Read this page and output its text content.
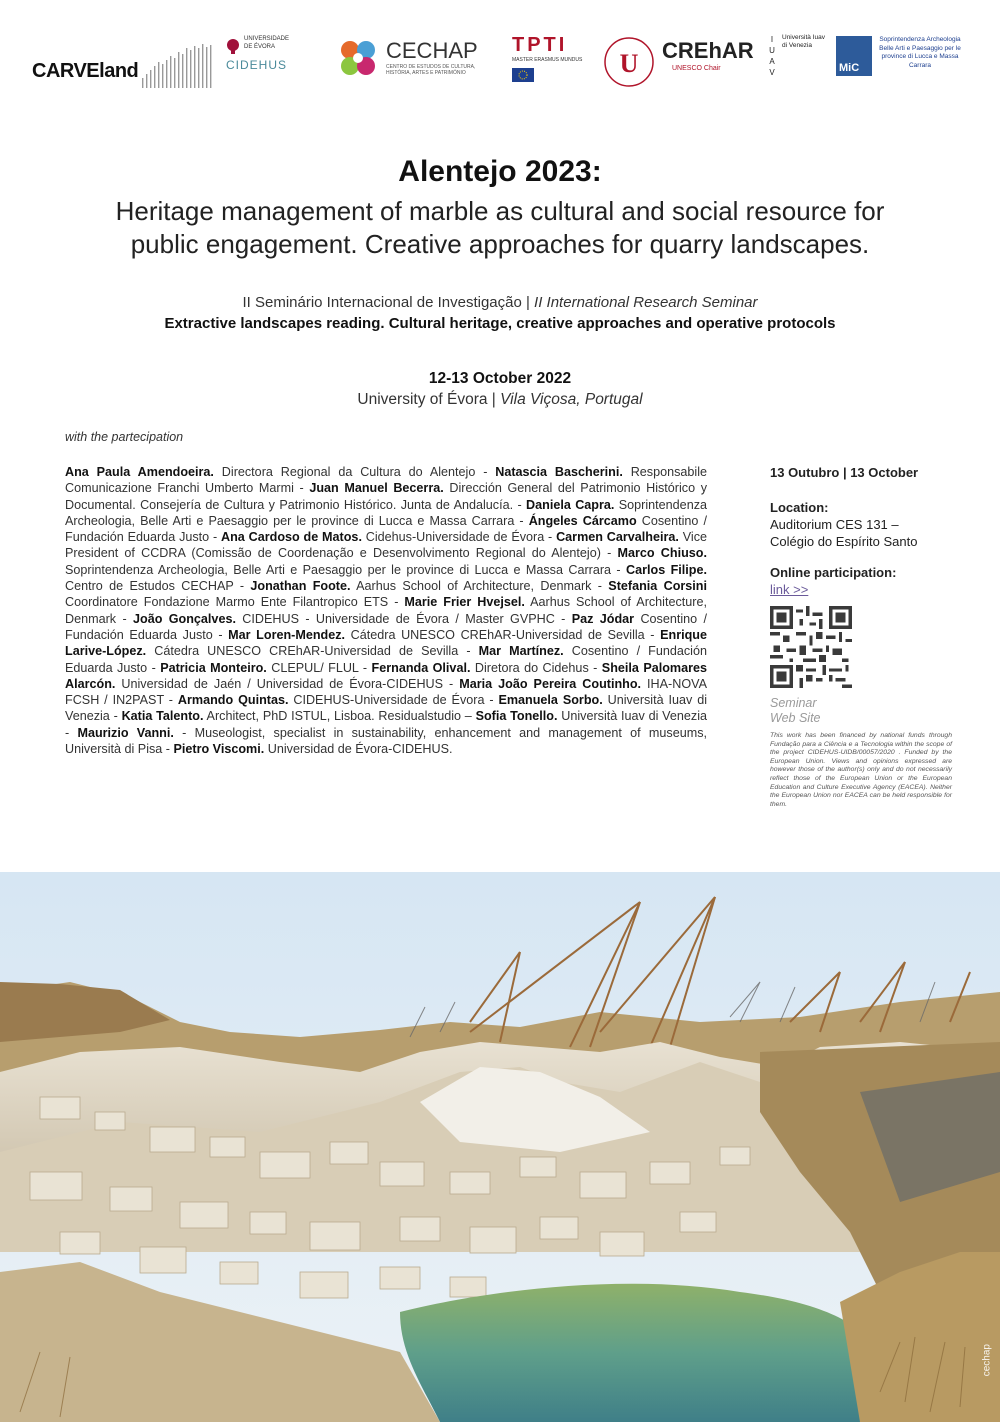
CARVEland
UNIVERSIDADE
DE ÉVORA
CIDEHUS
CECHAP
CENTRO DE ESTUDOS DE CULTURA, HISTÓRIA, ARTES E PATRIMÓNIO
TPTI
MASTER ERASMUS MUNDUS U CREhAR
UNESCO Chair
I
U
A
V
Università Iuav di Venezia
MiC
Soprintendenza Archeologia Belle Arti e Paesaggio per le province di Lucca e Massa Carrara

Alentejo 2023:

Heritage management of marble as cultural and social resource for
public engagement. Creative approaches for quarry landscapes.

II Seminário Internacional de Investigação | II International Research Seminar
Extractive landscapes reading. Cultural heritage, creative approaches and operative protocols
12-13 October 2022
University of Évora | Vila Viçosa, Portugal
with the partecipation
Ana Paula Amendoeira. Directora Regional da Cultura do Alentejo - Natascia Bascherini. Responsabile Comunicazione Franchi Umberto Marmi - Juan Manuel Becerra. Dirección General del Patrimonio Histórico y Documental. Consejería de Cultura y Patrimonio Histórico. Junta de Andalucía. - Daniela Capra. Soprintendenza Archeologia, Belle Arti e Paesaggio per le province di Lucca e Massa Carrara - Ángeles Cárcamo Cosentino / Fundación Eduarda Justo - Ana Cardoso de Matos. Cidehus-Universidade de Évora - Carmen Carvalheira. Vice President of CCDRA (Comissão de Coordenação e Desenvolvimento Regional do Alentejo) - Marco Chiuso. Soprintendenza Archeologia, Belle Arti e Paesaggio per le province di Lucca e Massa Carrara - Carlos Filipe. Centro de Estudos CECHAP - Jonathan Foote. Aarhus School of Architecture, Denmark - Stefania Corsini Coordinatore Fondazione Marmo Ente Filantropico ETS - Marie Frier Hvejsel. Aarhus School of Architecture, Denmark - João Gonçalves. CIDEHUS - Universidade de Évora / Master GVPHC - Paz Jódar Cosentino / Fundación Eduarda Justo - Mar Loren-Mendez. Cátedra UNESCO CREhAR-Universidad de Sevilla - Enrique Larive-López. Cátedra UNESCO CREhAR-Universidad de Sevilla - Mar Martínez. Cosentino / Fundación Eduarda Justo - Patricia Monteiro. CLEPUL/ FLUL - Fernanda Olival. Diretora do Cidehus - Sheila Palomares Alarcón. Universidad de Jaén / Universidad de Évora-CIDEHUS - Maria João Pereira Coutinho. IHA-NOVA FCSH / IN2PAST - Armando Quintas. CIDEHUS-Universidade de Évora - Emanuela Sorbo. Università Iuav di Venezia - Katia Talento. Architect, PhD ISTUL, Lisboa. Residualstudio – Sofia Tonello. Università Iuav di Venezia - Maurizio Vanni. - Museologist, specialist in sustainability, enhancement and management of museums, Università di Pisa - Pietro Viscomi. Universidad de Évora-CIDEHUS.
13 Outubro | 13 October
Location:
Auditorium CES 131 –
Colégio do Espírito Santo
Online participation:
link >>
Seminar
Web Site
This work has been financed by national funds through Fundação para a Ciência e a Tecnologia within the scope of the project CIDEHUS-UIDB/00057/2020 . Funded by the European Union. Views and opinions expressed are however those of the author(s) only and do not necessarily reflect those of the European Union or the European Education and Culture Executive Agency (EACEA). Neither the European Union nor EACEA can be held responsible for them.
cechap
